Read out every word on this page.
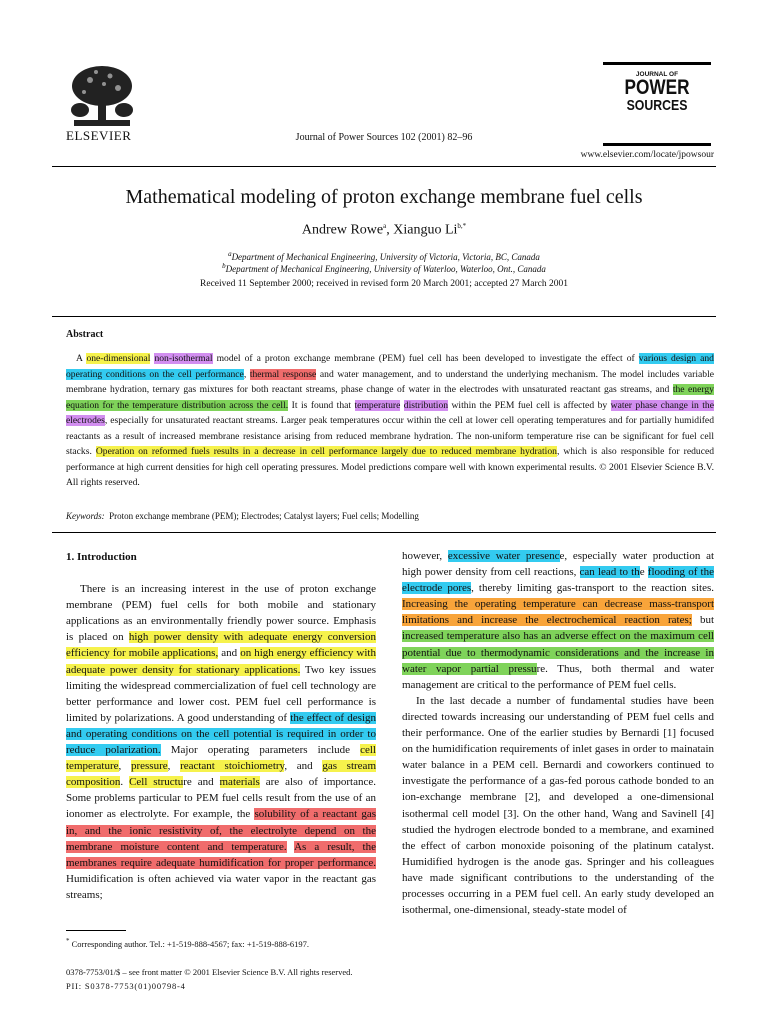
ELSEVIER	Journal of Power Sources 102 (2001) 82–96
JOURNAL OF
POWER
SOURCES
www.elsevier.com/locate/jpowsour
Mathematical modeling of proton exchange membrane fuel cells
Andrew Rowe$^a$, Xianguo $Li^{b,*}$
$^a$Department of Mechanical Engineering, University of Victoria, Victoria, BC, Canada
$^b$Department of Mechanical Engineering, University of Waterloo, Waterloo, Ont., Canada
Received 11 September 2000; received in revised form 20 March 2001; accepted 27 March 2001
Abstract
A one-dimensional non-isothermal model of a proton exchange membrane (PEM) fuel cell has been developed to investigate the effect of various design and operating conditions on the cell performance, thermal response and water management, and to understand the underlying mechanism. The model includes variable membrane hydration, ternary gas mixtures for both reactant streams, phase change of water in the electrodes with unsaturated reactant gas streams, and the energy equation for the temperature distribution across the cell. It is found that temperature distribution within the PEM fuel cell is affected by water phase change in the electrodes, especially for unsaturated reactant streams. Larger peak temperatures occur within the cell at lower cell operating temperatures and for partially humidifed reactants as a result of increased membrane resistance arising from reduced membrane hydration. The non-uniform temperature rise can be significant for fuel cell stacks. Operation on reformed fuels results in a decrease in cell performance largely due to reduced membrane hydration, which is also responsible for reduced performance at high current densities for high cell operating pressures. Model predictions compare well with known experimental results. © 2001 Elsevier Science B.V. All rights reserved.
Keywords: Proton exchange membrane (PEM); Electrodes; Catalyst layers; Fuel cells; Modelling

1. Introduction

There is an increasing interest in the use of proton exchange membrane (PEM) fuel cells for both mobile and stationary applications as an environmentally friendly power source. Emphasis is placed on high power density with adequate energy conversion efficiency for mobile applications, and on high energy efficiency with adequate power density for stationary applications. Two key issues limiting the widespread commercialization of fuel cell technology are better performance and lower cost. PEM fuel cell performance is limited by polarizations. A good understanding of the effect of design and operating conditions on the cell potential is required in order to reduce polarization. Major operating parameters include cell temperature, pressure, reactant stoichiometry, and gas stream composition. Cell structure and materials are also of importance. Some problems particular to PEM fuel cells result from the use of an ionomer as electrolyte. For example, the solubility of a reactant gas in, and the ionic resistivity of, the electrolyte depend on the membrane moisture content and temperature. As a result, the membranes require adequate humidification for proper performance. Humidification is often achieved via water vapor in the reactant gas streams;

however, excessive water presence, especially water production at high power density from cell reactions, can lead to the flooding of the electrode pores, thereby limiting gas-transport to the reaction sites. Increasing the operating temperature can decrease mass-transport limitations and increase the electrochemical reaction rates; but increased temperature also has an adverse effect on the maximum cell potential due to thermodynamic considerations and the increase in water vapor partial pressure. Thus, both thermal and water management are critical to the performance of PEM fuel cells.

In the last decade a number of fundamental studies have been directed towards increasing our understanding of PEM fuel cells and their performance. One of the earlier studies by Bernardi [1] focused on the humidification requirements of inlet gases in order to mainatain water balance in a PEM cell. Bernardi and coworkers continued to investigate the performance of a gas-fed porous cathode bonded to an ion-exchange membrane [2], and developed a one-dimensional isothermal cell model [3]. On the other hand, Wang and Savinell [4] studied the hydrogen electrode bonded to a membrane, and examined the effect of carbon monoxide poisoning of the platinum catalyst. Humidified hydrogen is the anode gas. Springer and his colleagues have made significant contributions to the understanding of the processes occurring in a PEM fuel cell. An early study developed an isothermal, one-dimensional, steady-state model of

* Corresponding author. Tel.: +1-519-888-4567; fax: +1-519-888-6197.
0378-7753/01/$ – see front matter © 2001 Elsevier Science B.V. All rights reserved.
PII: S0378-7753(01)00798-4
